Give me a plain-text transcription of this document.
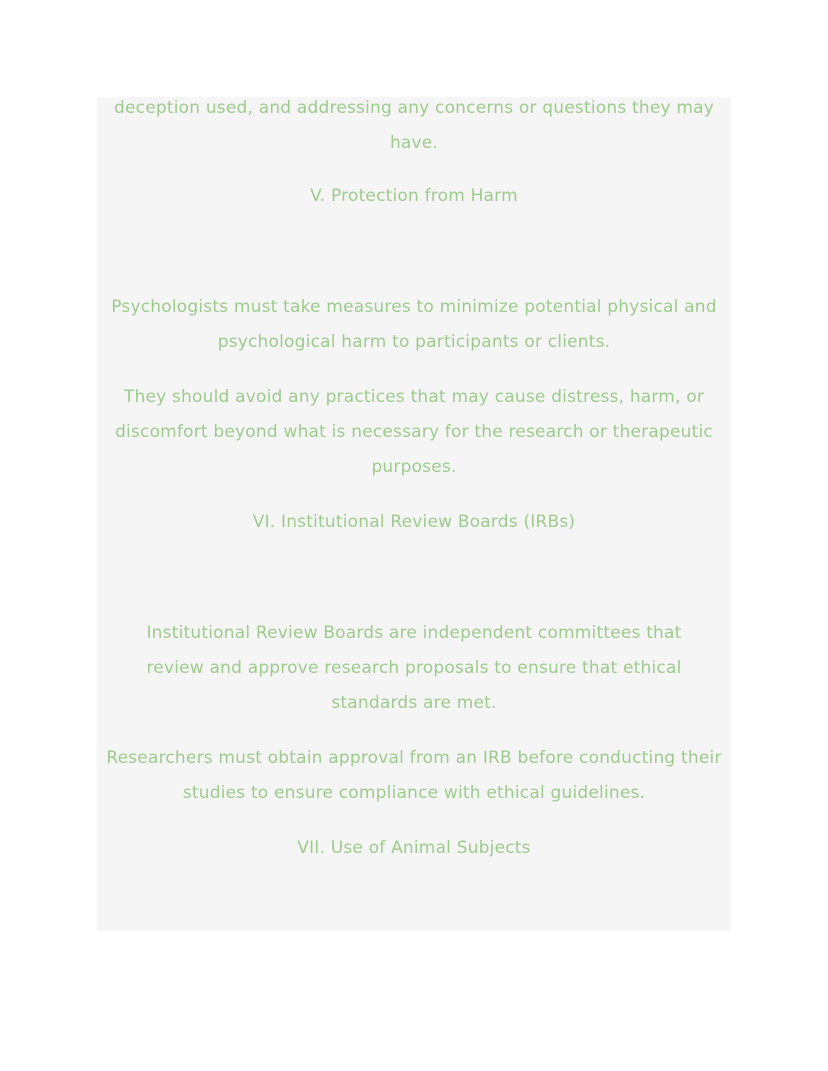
deception used, and addressing any concerns or questions they may have.

V. Protection from Harm

Psychologists must take measures to minimize potential physical and psychological harm to participants or clients.

They should avoid any practices that may cause distress, harm, or discomfort beyond what is necessary for the research or therapeutic purposes.

VI. Institutional Review Boards (IRBs)

Institutional Review Boards are independent committees that review and approve research proposals to ensure that ethical standards are met.

Researchers must obtain approval from an IRB before conducting their studies to ensure compliance with ethical guidelines.

VII. Use of Animal Subjects
